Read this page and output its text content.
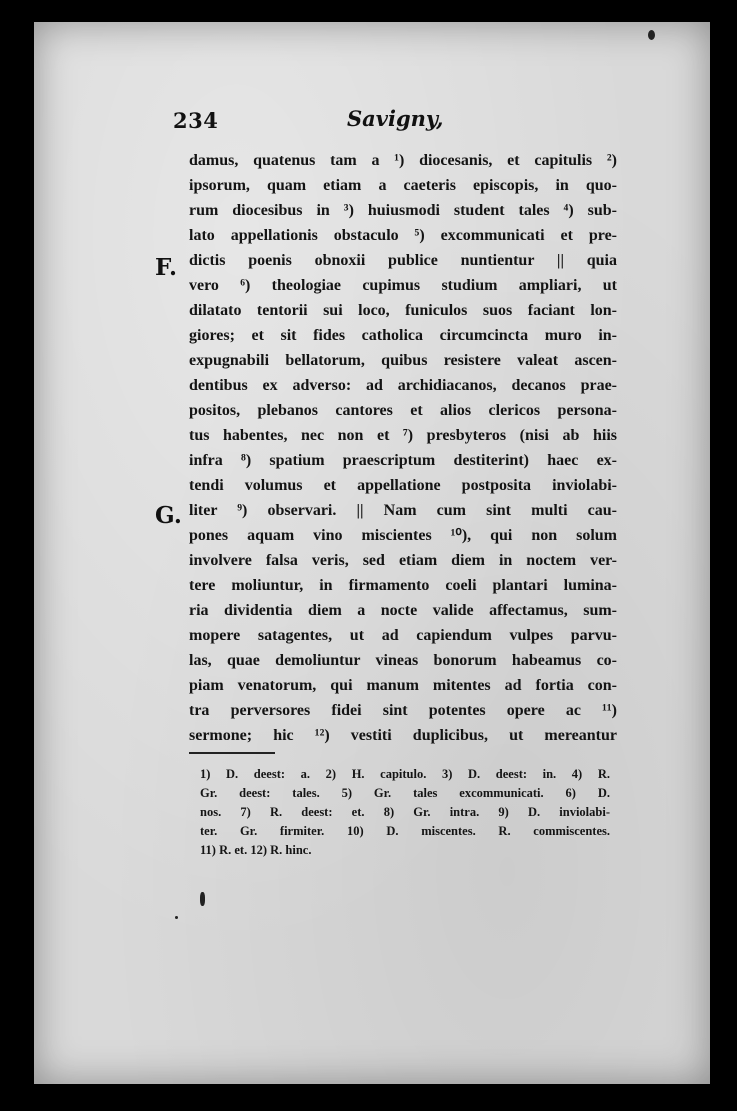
234	Savigny,
damus, quatenus tam a ¹) diocesanis, et capitulis ²)
ipsorum, quam etiam a caeteris episcopis, in quo-
rum diocesibus in ³) huiusmodi student tales ⁴) sub-
lato appellationis obstaculo ⁵) excommunicati et pre-
dictis poenis obnoxii publice nuntientur || quia
vero ⁶) theologiae cupimus studium ampliari, ut
dilatato tentorii sui loco, funiculos suos faciant lon-
giores; et sit fides catholica circumcincta muro in-
expugnabili bellatorum, quibus resistere valeat ascen-
dentibus ex adverso: ad archidiacanos, decanos prae-
positos, plebanos cantores et alios clericos persona-
tus habentes, nec non et ⁷) presbyteros (nisi ab hiis
infra ⁸) spatium praescriptum destiterint) haec ex-
tendi volumus et appellatione postposita inviolabi-
liter ⁹) observari. || Nam cum sint multi cau-
pones aquam vino miscientes ¹⁰), qui non solum
involvere falsa veris, sed etiam diem in noctem ver-
tere moliuntur, in firmamento coeli plantari lumina-
ria dividentia diem a nocte valide affectamus, sum-
mopere satagentes, ut ad capiendum vulpes parvu-
las, quae demoliuntur vineas bonorum habeamus co-
piam venatorum, qui manum mitentes ad fortia con-
tra perversores fidei sint potentes opere ac ¹¹)
sermone; hic ¹²) vestiti duplicibus, ut mereantur
F.
G.
1) D. deest: a. 2) H. capitulo. 3) D. deest: in. 4) R.
Gr. deest: tales. 5) Gr. tales excommunicati. 6) D.
nos. 7) R. deest: et. 8) Gr. intra. 9) D. inviolabi-
ter. Gr. firmiter. 10) D. miscentes. R. commiscentes.
11) R. et. 12) R. hinc.
